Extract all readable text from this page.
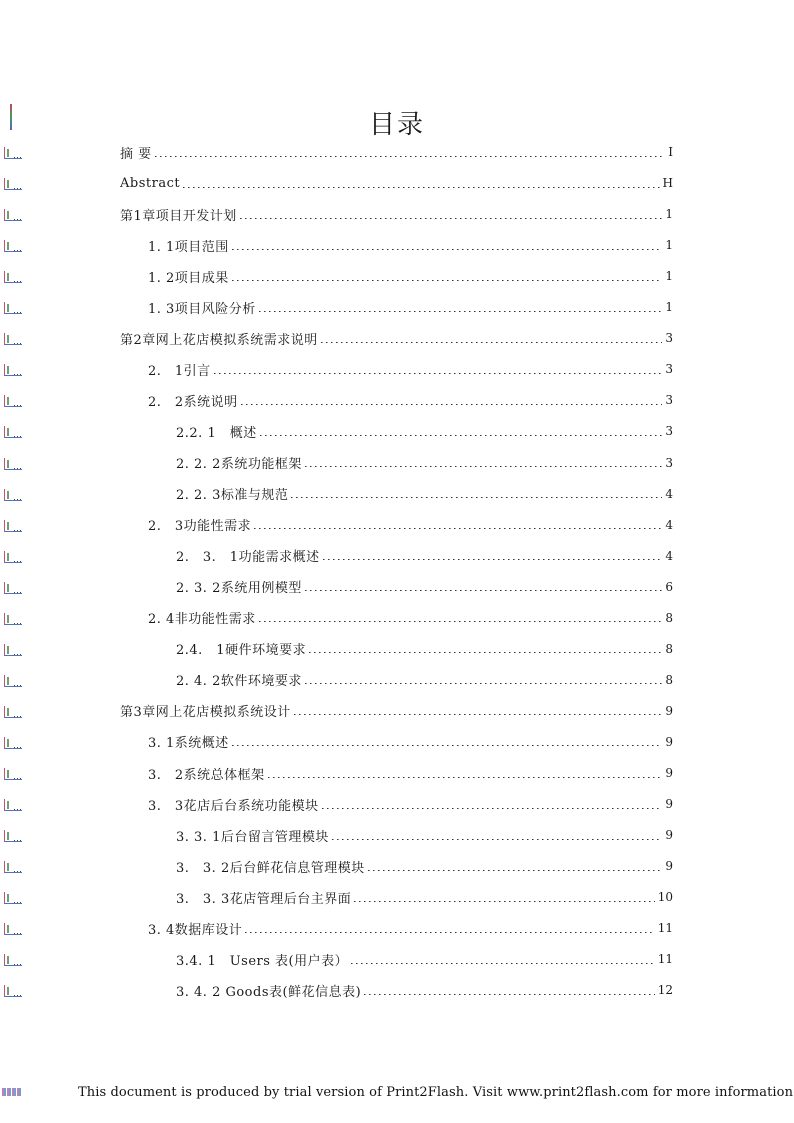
目录
摘 要	I
Abstract	H
第1章项目开发计划	1
1. 1项目范围	1
1. 2项目成果	1
1. 3项目风险分析	1
第2章网上花店模拟系统需求说明	3
2.　1引言	3
2.　2系统说明	3
2.2. 1　概述	3
2. 2. 2系统功能框架	3
2. 2. 3标准与规范	4
2.　3功能性需求	4
2.　3.　1功能需求概述	4
2. 3. 2系统用例模型	6
2. 4非功能性需求	8
2.4.　1硬件环境要求	8
2. 4. 2软件环境要求	8
第3章网上花店模拟系统设计	9
3. 1系统概述	9
3.　2系统总体框架	9
3.　3花店后台系统功能模块	9
3. 3. 1后台留言管理模块	9
3.　3. 2后台鲜花信息管理模块	9
3.　3. 3花店管理后台主界面	10
3. 4数据库设计	11
3.4. 1　Users 表(用户表）	11
3. 4. 2 Goods表(鲜花信息表)	12
This document is produced by trial version of Print2Flash. Visit www.print2flash.com for more information
